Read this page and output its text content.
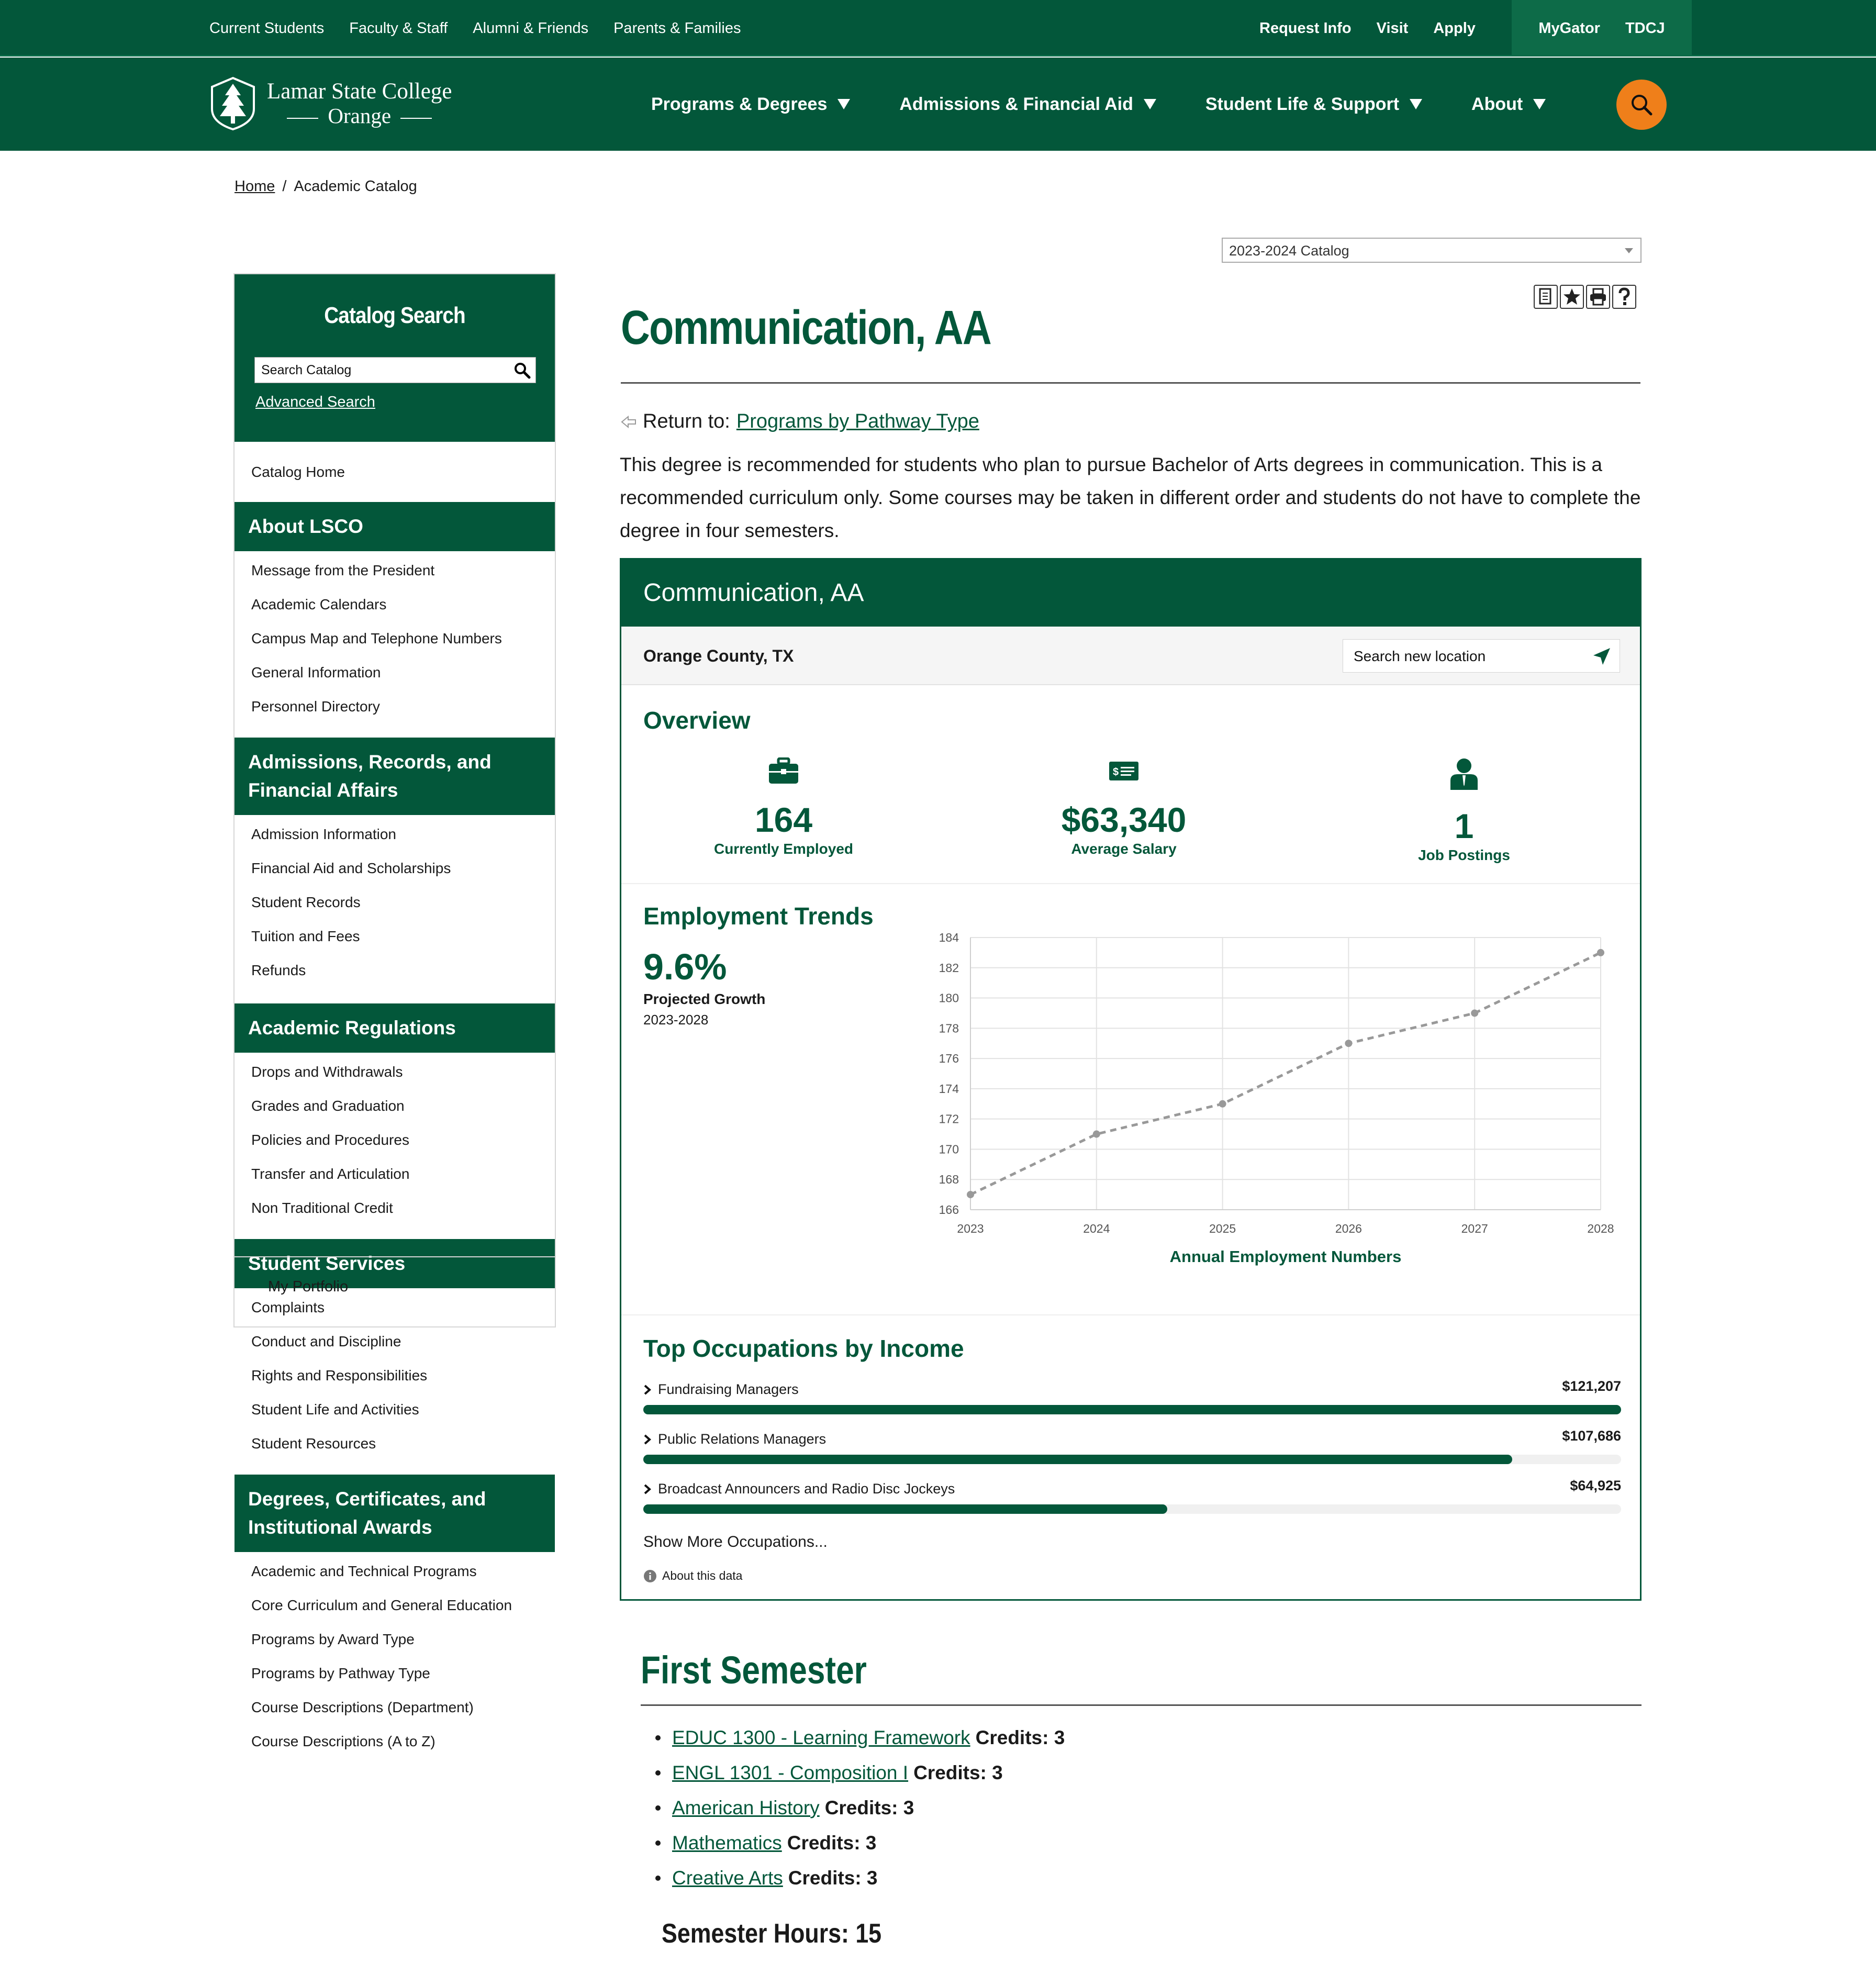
Current Students Faculty & Staff Alumni & Friends Parents & Families	Request Info Visit Apply	MyGator TDCJ
Lamar State College
Orange	Programs & Degrees	Admissions & Financial Aid	Student Life & Support	About
Home / Academic Catalog
2023-2024 Catalog
Catalog Search
Search Catalog
Advanced Search
Catalog Home
About LSCO
Message from the President
Academic Calendars
Campus Map and Telephone Numbers
General Information
Personnel Directory
Admissions, Records, and Financial Affairs
Admission Information
Financial Aid and Scholarships
Student Records
Tuition and Fees
Refunds
Academic Regulations
Drops and Withdrawals
Grades and Graduation
Policies and Procedures
Transfer and Articulation
Non Traditional Credit
Student Services
Complaints
Conduct and Discipline
Rights and Responsibilities
Student Life and Activities
Student Resources
Degrees, Certificates, and Institutional Awards
Academic and Technical Programs
Core Curriculum and General Education
Programs by Award Type
Programs by Pathway Type
Course Descriptions (Department)
Course Descriptions (A to Z)
My Portfolio
Communication, AA
Return to: Programs by Pathway Type

This degree is recommended for students who plan to pursue Bachelor of Arts degrees in communication. This is a recommended curriculum only. Some courses may be taken in different order and students do not have to complete the degree in four semesters.

Communication, AA
Orange County, TX	Search new location
Overview
164
Currently Employed
$
$63,340
Average Salary
1
Job Postings
Employment Trends
9.6%
Projected Growth
2023-2028
166
168
170
172
174
176
178
180
182
184
2023	2024	2025	2026	2027	2028
Annual Employment Numbers
Top Occupations by Income
Fundraising Managers	$121,207
Public Relations Managers	$107,686
Broadcast Announcers and Radio Disc Jockeys	$64,925
Show More Occupations...
About this data
First Semester
EDUC 1300 - Learning Framework Credits: 3
ENGL 1301 - Composition I Credits: 3
American History Credits: 3
Mathematics Credits: 3
Creative Arts Credits: 3
Semester Hours: 15
